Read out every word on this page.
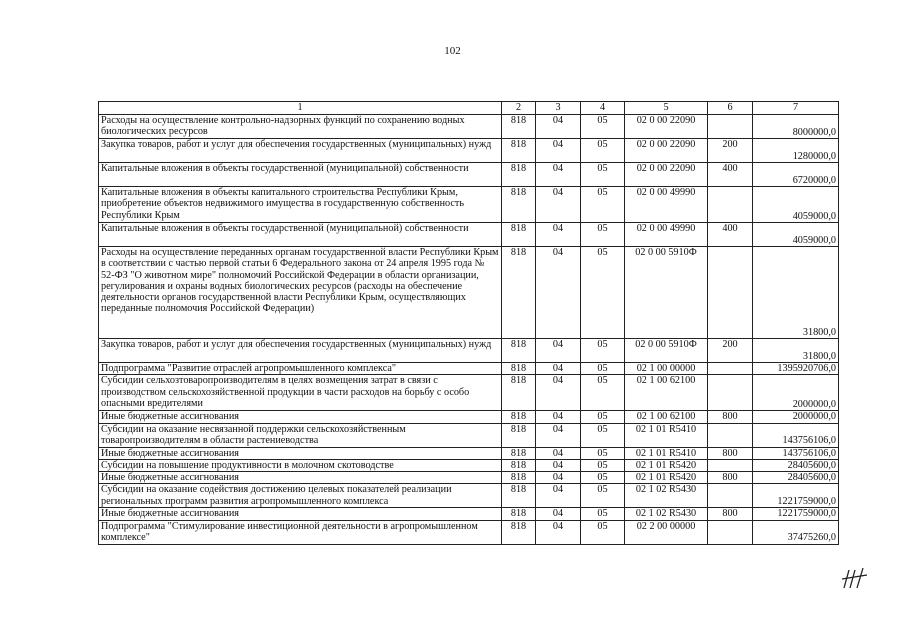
102
1	2	3	4	5	6	7
Расходы на осуществление контрольно-надзорных функций по сохранению водных биологических ресурсов	818	04	05	02 0 00 22090		8000000,0
Закупка товаров, работ и услуг для обеспечения государственных (муниципальных) нужд	818	04	05	02 0 00 22090	200	1280000,0
Капитальные вложения в объекты государственной (муниципальной) собственности	818	04	05	02 0 00 22090	400	6720000,0
Капитальные вложения в объекты капитального строительства Республики Крым, приобретение объектов недвижимого имущества в государственную собственность Республики Крым	818	04	05	02 0 00 49990		4059000,0
Капитальные вложения в объекты государственной (муниципальной) собственности	818	04	05	02 0 00 49990	400	4059000,0
Расходы на осуществление переданных органам государственной власти Республики Крым в соответствии с частью первой статьи 6 Федерального закона от 24 апреля 1995 года № 52-ФЗ "О животном мире" полномочий Российской Федерации в области организации, регулирования и охраны водных биологических ресурсов (расходы на обеспечение деятельности органов государственной власти Республики Крым, осуществляющих переданные полномочия Российской Федерации)	818	04	05	02 0 00 5910Ф		31800,0
Закупка товаров, работ и услуг для обеспечения государственных (муниципальных) нужд	818	04	05	02 0 00 5910Ф	200	31800,0
Подпрограмма "Развитие отраслей агропромышленного комплекса"	818	04	05	02 1 00 00000		1395920706,0
Субсидии сельхозтоваропроизводителям в целях возмещения затрат в связи с производством сельскохозяйственной продукции в части расходов на борьбу с особо опасными вредителями	818	04	05	02 1 00 62100		2000000,0
Иные бюджетные ассигнования	818	04	05	02 1 00 62100	800	2000000,0
Субсидии на оказание несвязанной поддержки сельскохозяйственным товаропроизводителям в области растениеводства	818	04	05	02 1 01 R5410		143756106,0
Иные бюджетные ассигнования	818	04	05	02 1 01 R5410	800	143756106,0
Субсидии на повышение продуктивности в молочном скотоводстве	818	04	05	02 1 01 R5420		28405600,0
Иные бюджетные ассигнования	818	04	05	02 1 01 R5420	800	28405600,0
Субсидии на оказание содействия достижению целевых показателей реализации региональных программ развития агропромышленного комплекса	818	04	05	02 1 02 R5430		1221759000,0
Иные бюджетные ассигнования	818	04	05	02 1 02 R5430	800	1221759000,0
Подпрограмма "Стимулирование инвестиционной деятельности в агропромышленном комплексе"	818	04	05	02 2 00 00000		37475260,0
